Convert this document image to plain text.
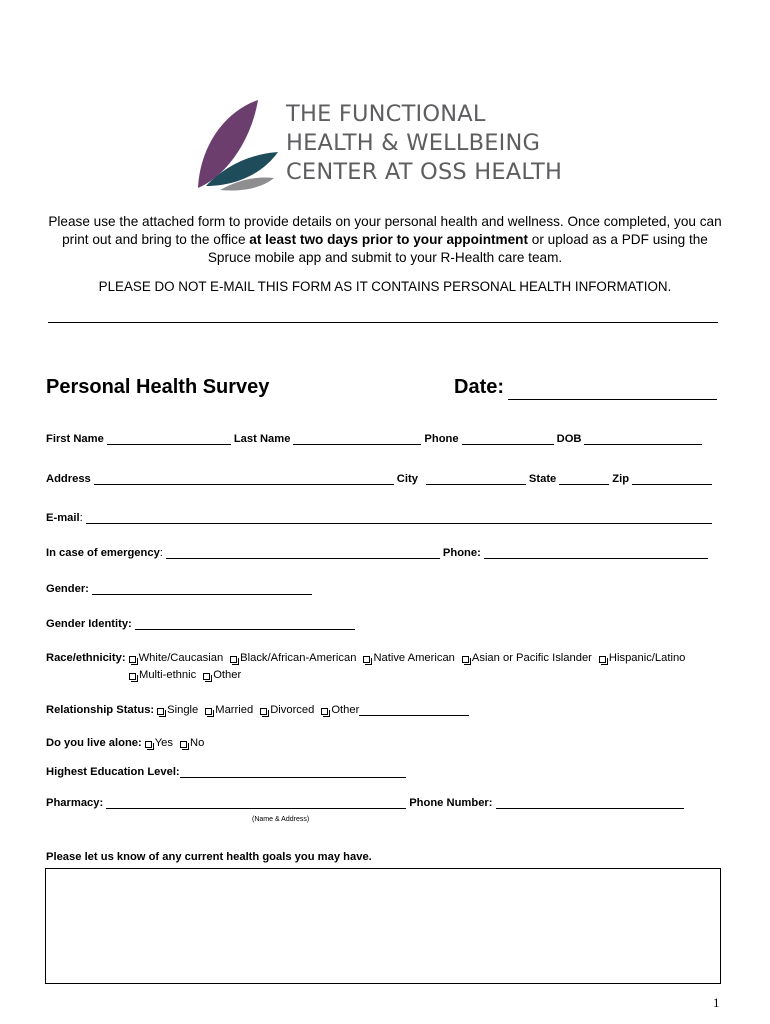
THE FUNCTIONAL
HEALTH & WELLBEING
CENTER AT OSS HEALTH
Please use the attached form to provide details on your personal health and wellness. Once completed, you can print out and bring to the office at least two days prior to your appointment or upload as a PDF using the Spruce mobile app and submit to your R-Health care team.
PLEASE DO NOT E-MAIL THIS FORM AS IT CONTAINS PERSONAL HEALTH INFORMATION.
Personal Health Survey	Date:
First Name	Last Name	Phone	DOB
Address	City	State	Zip
E-mail :
In case of emergency :	Phone:
Gender:
Gender Identity:
Race/ethnicity: White/Caucasian Black/African-American Native American Asian or Pacific Islander Hispanic/Latino
Multi-ethnic Other
Relationship Status: Single Married Divorced Other
Do you live alone: Yes No
Highest Education Level:
Pharmacy:	Phone Number:
(Name & Address)
Please let us know of any current health goals you may have.
1
